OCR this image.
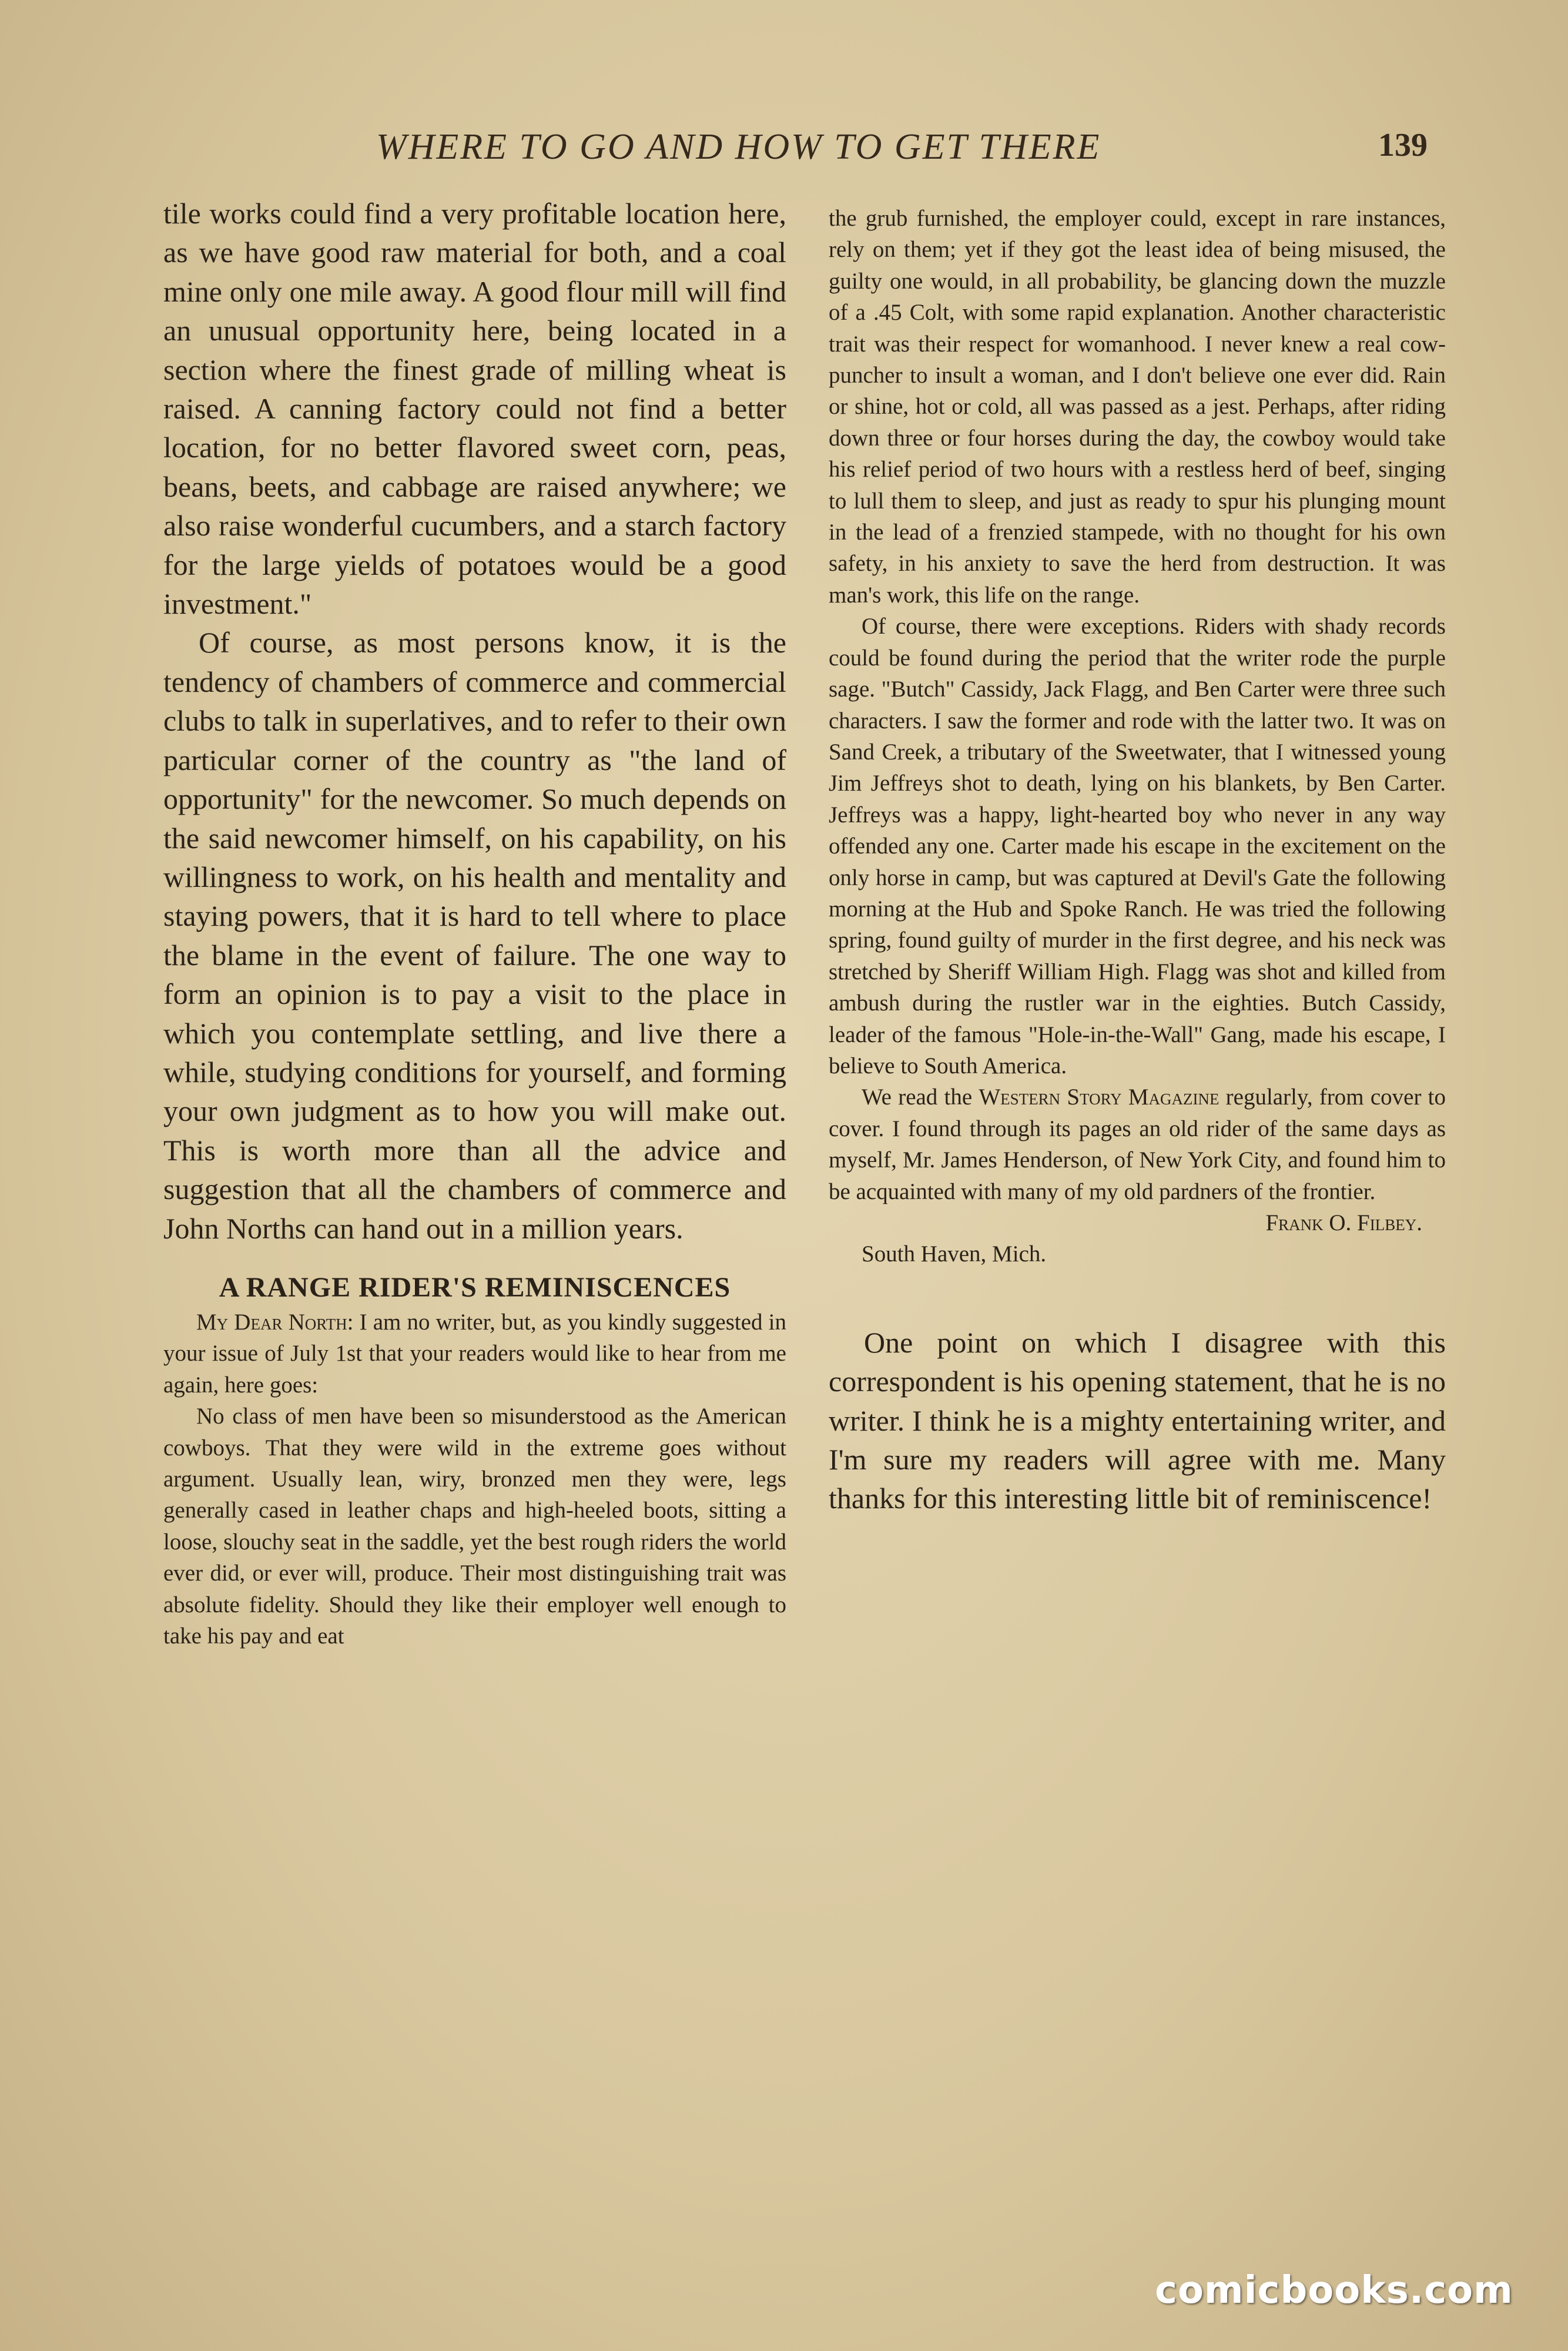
WHERE TO GO AND HOW TO GET THERE	139

tile works could find a very profitable location here, as we have good raw material for both, and a coal mine only one mile away. A good flour mill will find an unusual opportunity here, being located in a section where the finest grade of milling wheat is raised. A canning factory could not find a better location, for no better flavored sweet corn, peas, beans, beets, and cabbage are raised anywhere; we also raise wonderful cucumbers, and a starch factory for the large yields of potatoes would be a good investment."

Of course, as most persons know, it is the tendency of chambers of commerce and commercial clubs to talk in superlatives, and to refer to their own particular corner of the country as "the land of opportunity" for the newcomer. So much depends on the said newcomer himself, on his capability, on his willingness to work, on his health and mentality and staying powers, that it is hard to tell where to place the blame in the event of failure. The one way to form an opinion is to pay a visit to the place in which you contemplate settling, and live there a while, studying conditions for yourself, and forming your own judgment as to how you will make out. This is worth more than all the advice and suggestion that all the chambers of commerce and John Norths can hand out in a million years.

A RANGE RIDER'S REMINISCENCES

My Dear North: I am no writer, but, as you kindly suggested in your issue of July 1st that your readers would like to hear from me again, here goes:

No class of men have been so misunderstood as the American cowboys. That they were wild in the extreme goes without argument. Usually lean, wiry, bronzed men they were, legs generally cased in leather chaps and high-heeled boots, sitting a loose, slouchy seat in the saddle, yet the best rough riders the world ever did, or ever will, produce. Their most distinguishing trait was absolute fidelity. Should they like their employer well enough to take his pay and eat

the grub furnished, the employer could, except in rare instances, rely on them; yet if they got the least idea of being misused, the guilty one would, in all probability, be glancing down the muzzle of a .45 Colt, with some rapid explanation. Another characteristic trait was their respect for womanhood. I never knew a real cow-puncher to insult a woman, and I don't believe one ever did. Rain or shine, hot or cold, all was passed as a jest. Perhaps, after riding down three or four horses during the day, the cowboy would take his relief period of two hours with a restless herd of beef, singing to lull them to sleep, and just as ready to spur his plunging mount in the lead of a frenzied stampede, with no thought for his own safety, in his anxiety to save the herd from destruction. It was man's work, this life on the range.

Of course, there were exceptions. Riders with shady records could be found during the period that the writer rode the purple sage. "Butch" Cassidy, Jack Flagg, and Ben Carter were three such characters. I saw the former and rode with the latter two. It was on Sand Creek, a tributary of the Sweetwater, that I witnessed young Jim Jeffreys shot to death, lying on his blankets, by Ben Carter. Jeffreys was a happy, light-hearted boy who never in any way offended any one. Carter made his escape in the excitement on the only horse in camp, but was captured at Devil's Gate the following morning at the Hub and Spoke Ranch. He was tried the following spring, found guilty of murder in the first degree, and his neck was stretched by Sheriff William High. Flagg was shot and killed from ambush during the rustler war in the eighties. Butch Cassidy, leader of the famous "Hole-in-the-Wall" Gang, made his escape, I believe to South America.

We read the Western Story Magazine regularly, from cover to cover. I found through its pages an old rider of the same days as myself, Mr. James Henderson, of New York City, and found him to be acquainted with many of my old pardners of the frontier.

Frank O. Filbey.

South Haven, Mich.

One point on which I disagree with this correspondent is his opening statement, that he is no writer. I think he is a mighty entertaining writer, and I'm sure my readers will agree with me. Many thanks for this interesting little bit of reminiscence!

comicbooks.com
